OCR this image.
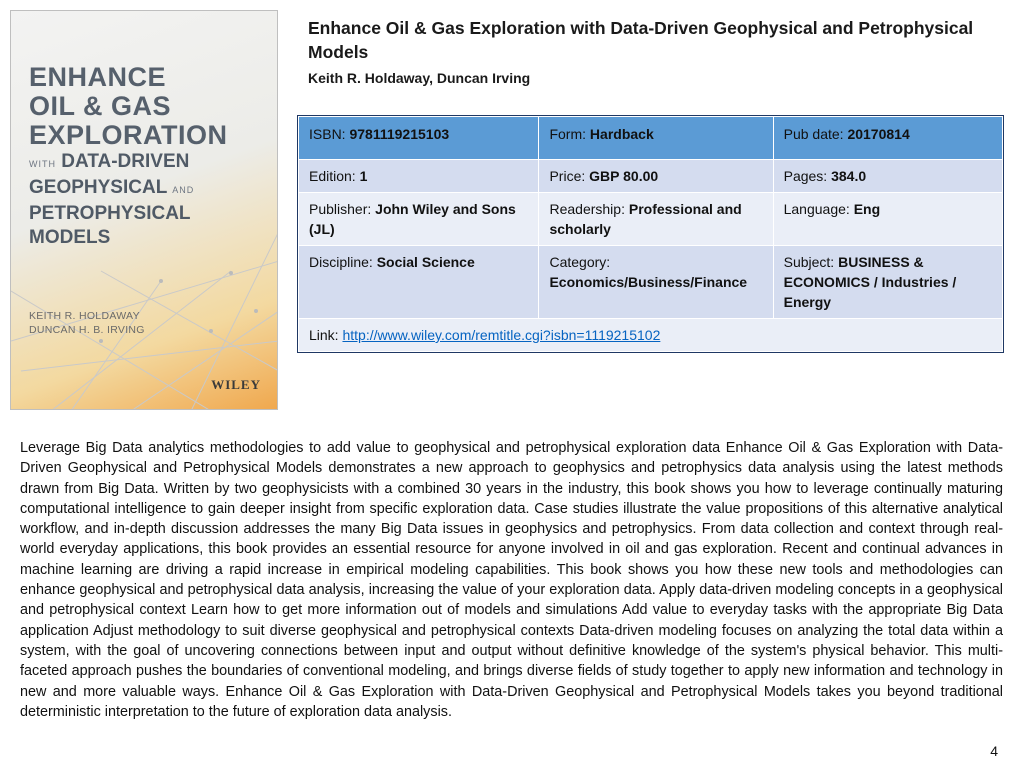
ENHANCE
OIL & GAS
EXPLORATION
WITH DATA-DRIVEN
GEOPHYSICAL AND
PETROPHYSICAL
MODELS
KEITH R. HOLDAWAY
DUNCAN H. B. IRVING
WILEY
Enhance Oil & Gas Exploration with Data-Driven Geophysical and Petrophysical Models
Keith R. Holdaway, Duncan Irving
ISBN: 9781119215103	Form: Hardback	Pub date: 20170814
Edition: 1	Price: GBP 80.00	Pages: 384.0
Publisher: John Wiley and Sons (JL)	Readership: Professional and scholarly	Language: Eng
Discipline: Social Science	Category: Economics/Business/Finance	Subject: BUSINESS & ECONOMICS / Industries / Energy
Link: http://www.wiley.com/remtitle.cgi?isbn=1119215102		
Leverage Big Data analytics methodologies to add value to geophysical and petrophysical exploration data Enhance Oil & Gas Exploration with Data-Driven Geophysical and Petrophysical Models demonstrates a new approach to geophysics and petrophysics data analysis using the latest methods drawn from Big Data. Written by two geophysicists with a combined 30 years in the industry, this book shows you how to leverage continually maturing computational intelligence to gain deeper insight from specific exploration data. Case studies illustrate the value propositions of this alternative analytical workflow, and in-depth discussion addresses the many Big Data issues in geophysics and petrophysics. From data collection and context through real-world everyday applications, this book provides an essential resource for anyone involved in oil and gas exploration. Recent and continual advances in machine learning are driving a rapid increase in empirical modeling capabilities. This book shows you how these new tools and methodologies can enhance geophysical and petrophysical data analysis, increasing the value of your exploration data. Apply data-driven modeling concepts in a geophysical and petrophysical context Learn how to get more information out of models and simulations Add value to everyday tasks with the appropriate Big Data application Adjust methodology to suit diverse geophysical and petrophysical contexts Data-driven modeling focuses on analyzing the total data within a system, with the goal of uncovering connections between input and output without definitive knowledge of the system's physical behavior. This multi-faceted approach pushes the boundaries of conventional modeling, and brings diverse fields of study together to apply new information and technology in new and more valuable ways. Enhance Oil & Gas Exploration with Data-Driven Geophysical and Petrophysical Models takes you beyond traditional deterministic interpretation to the future of exploration data analysis.
4
